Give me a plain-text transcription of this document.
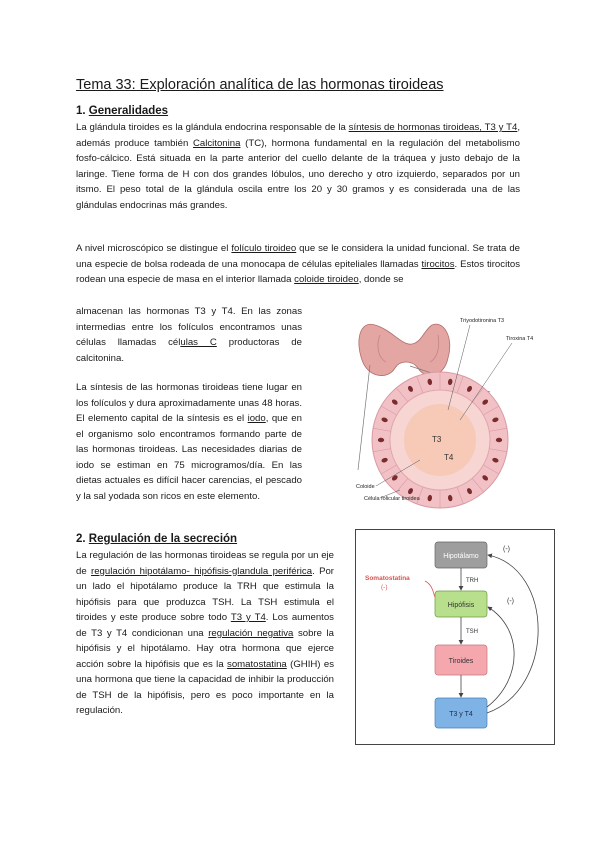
Tema 33: Exploración analítica de las hormonas tiroideas
1. Generalidades
La glándula tiroides es la glándula endocrina responsable de la síntesis de hormonas tiroideas, T3 y T4, además produce también Calcitonina (TC), hormona fundamental en la regulación del metabolismo fosfo-cálcico. Está situada en la parte anterior del cuello delante de la tráquea y justo debajo de la laringe. Tiene forma de H con dos grandes lóbulos, uno derecho y otro izquierdo, separados por un itsmo. El peso total de la glándula oscila entre los 20 y 30 gramos y es considerada una de las glándulas endocrinas más grandes.
A nivel microscópico se distingue el folículo tiroideo que se le considera la unidad funcional. Se trata de una especie de bolsa rodeada de una monocapa de células epiteliales llamadas tirocitos. Estos tirocitos rodean una especie de masa en el interior llamada coloide tiroideo, donde se
almacenan las hormonas T3 y T4. En las zonas intermedias entre los folículos encontramos unas células llamadas células C productoras de calcitonina.
La síntesis de las hormonas tiroideas tiene lugar en los folículos y dura aproximadamente unas 48 horas. El elemento capital de la síntesis es el iodo, que en el organismo solo encontramos formando parte de las hormonas tiroideas. Las necesidades diarias de iodo se estiman en 75 microgramos/día. En las dietas actuales es difícil hacer carencias, el pescado y la sal yodada son ricos en este elemento.
T3
T4
Triyodotironina T3
Tiroxina T4
Coloide
Célula folicular tiroidea
2. Regulación de la secreción
La regulación de las hormonas tiroideas se regula por un eje de regulación hipotálamo- hipófisis-glandula periférica. Por un lado el hipotálamo produce la TRH que estimula la hipófisis para que produzca TSH. La TSH estimula el tiroides y este produce sobre todo T3 y T4. Los aumentos de T3 y T4 condicionan una regulación negativa sobre la hipófisis y el hipotálamo. Hay otra hormona que ejerce acción sobre la hipófisis que es la somatostatina (GHIH) es una hormona que tiene la capacidad de inhibir la producción de TSH de la hipófisis, pero es poco importante en la regulación.
Hipotálamo
Hipófisis
Tiroides
T3 y T4
TRH
TSH
Somatostatina
(-)
(-)
(-)
